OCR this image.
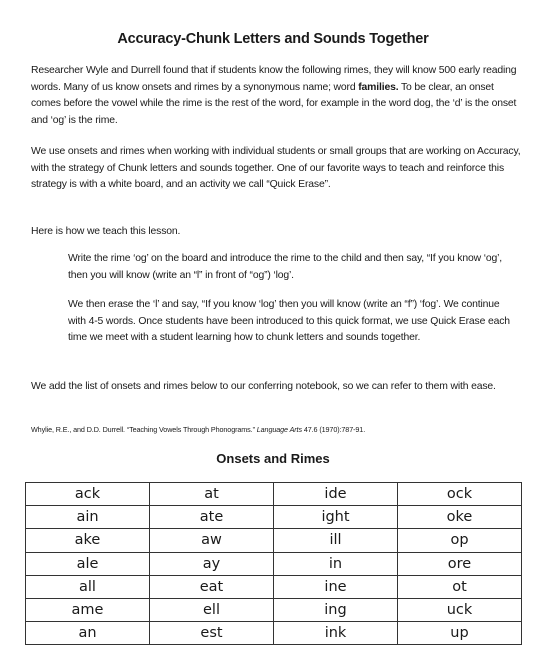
Accuracy-Chunk Letters and Sounds Together
Researcher Wyle and Durrell found that if students know the following rimes, they will know 500 early reading words. Many of us know onsets and rimes by a synonymous name; word families. To be clear, an onset comes before the vowel while the rime is the rest of the word, for example in the word dog, the ‘d’ is the onset and ‘og’ is the rime.
We use onsets and rimes when working with individual students or small groups that are working on Accuracy, with the strategy of Chunk letters and sounds together. One of our favorite ways to teach and reinforce this strategy is with a white board, and an activity we call “Quick Erase”.
Here is how we teach this lesson.
Write the rime ‘og’ on the board and introduce the rime to the child and then say, “If you know ‘og’, then you will know (write an “l” in front of “og”) ‘log’.
We then erase the ‘l’ and say, “If you know ‘log’ then you will know (write an “f”) ‘fog’. We continue with 4-5 words. Once students have been introduced to this quick format, we use Quick Erase each time we meet with a student learning how to chunk letters and sounds together.
We add the list of onsets and rimes below to our conferring notebook, so we can refer to them with ease.
Whylie, R.E., and D.D. Durrell. “Teaching Vowels Through Phonograms.” Language Arts 47.6 (1970):787-91.
Onsets and Rimes
ack	at	ide	ock
ain	ate	ight	oke
ake	aw	ill	op
ale	ay	in	ore
all	eat	ine	ot
ame	ell	ing	uck
an	est	ink	up
